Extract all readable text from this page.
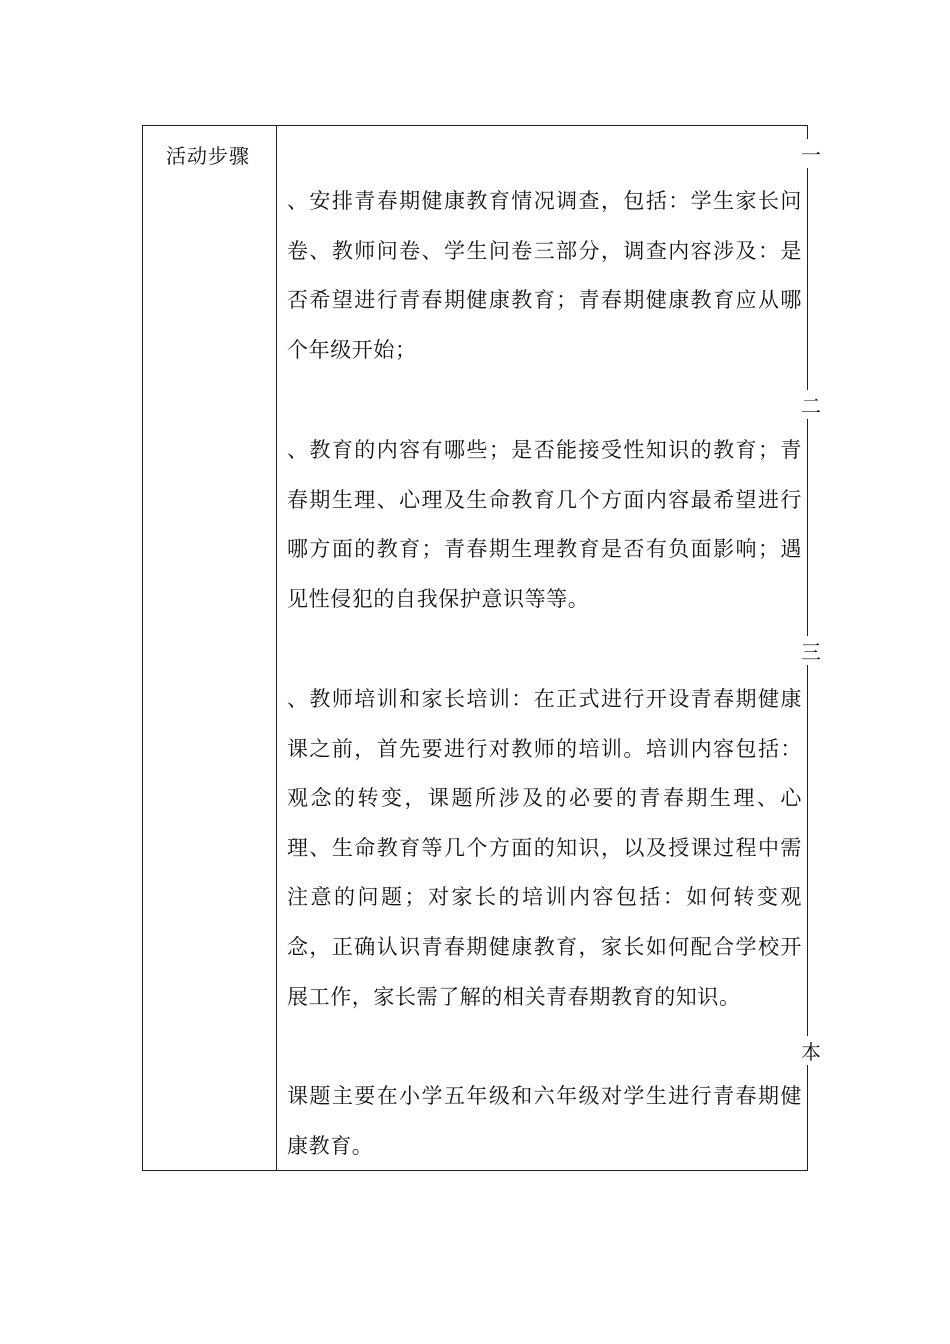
活动步骤	一
、安排青春期健康教育情况调查，包括：学生家长问卷、教师问卷、学生问卷三部分，调查内容涉及：是否希望进行青春期健康教育；青春期健康教育应从哪个年级开始；
二
、教育的内容有哪些；是否能接受性知识的教育；青春期生理、心理及生命教育几个方面内容最希望进行哪方面的教育；青春期生理教育是否有负面影响；遇见性侵犯的自我保护意识等等。
三
、教师培训和家长培训：在正式进行开设青春期健康课之前，首先要进行对教师的培训。培训内容包括：观念的转变，课题所涉及的必要的青春期生理、心理、生命教育等几个方面的知识，以及授课过程中需注意的问题；对家长的培训内容包括：如何转变观念，正确认识青春期健康教育，家长如何配合学校开展工作，家长需了解的相关青春期教育的知识。
本
课题主要在小学五年级和六年级对学生进行青春期健康教育。
